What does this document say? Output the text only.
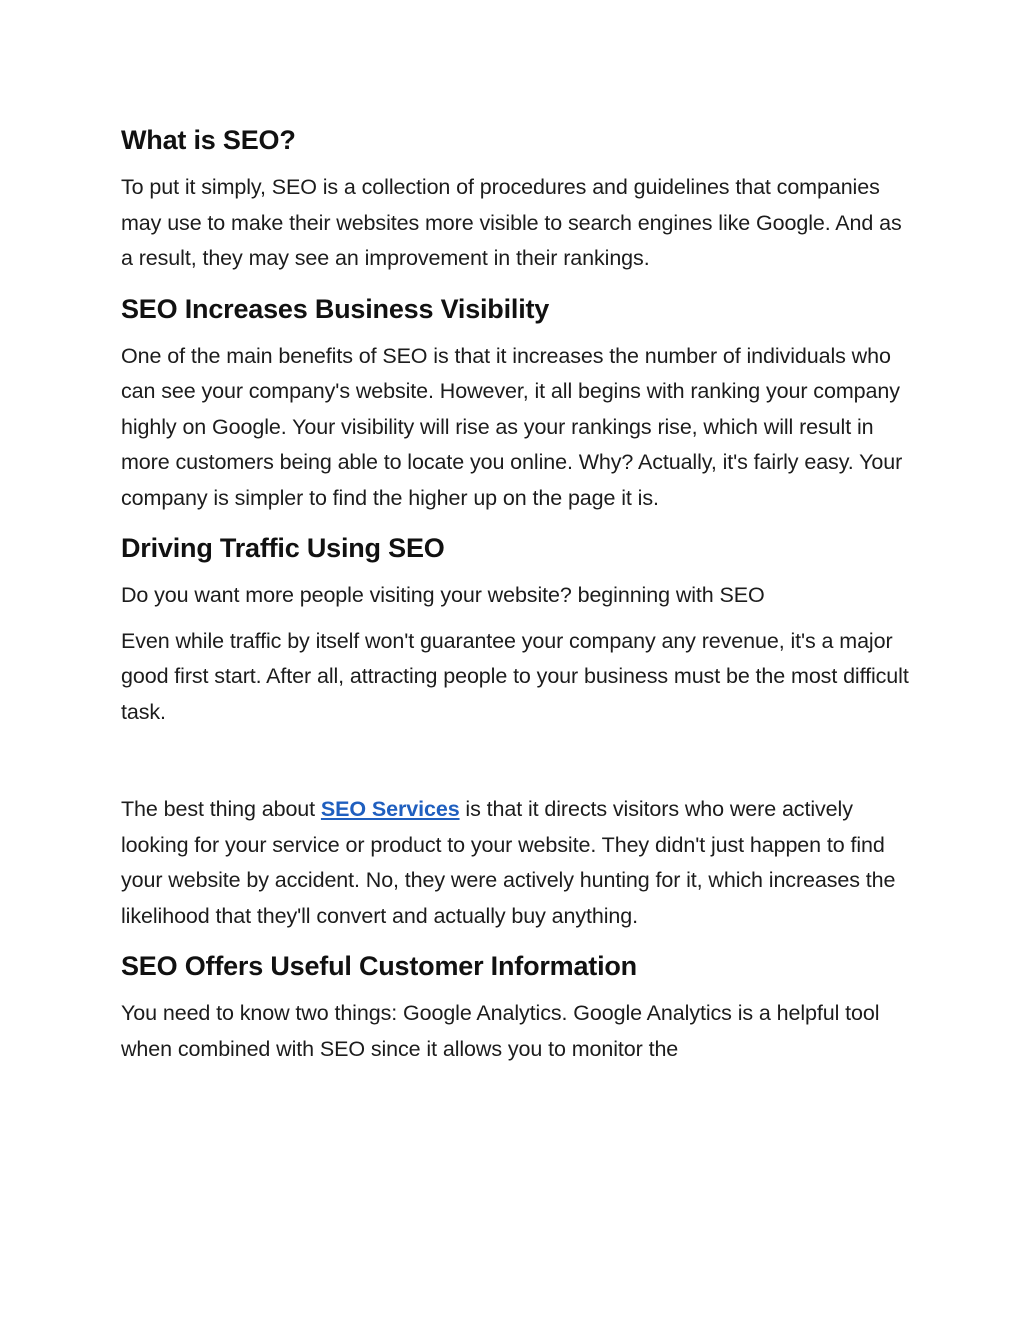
What is SEO?

To put it simply, SEO is a collection of procedures and guidelines that companies may use to make their websites more visible to search engines like Google. And as a result, they may see an improvement in their rankings.

SEO Increases Business Visibility

One of the main benefits of SEO is that it increases the number of individuals who can see your company's website. However, it all begins with ranking your company highly on Google. Your visibility will rise as your rankings rise, which will result in more customers being able to locate you online. Why? Actually, it's fairly easy. Your company is simpler to find the higher up on the page it is.

Driving Traffic Using SEO

Do you want more people visiting your website? beginning with SEO

Even while traffic by itself won't guarantee your company any revenue, it's a major good first start. After all, attracting people to your business must be the most difficult task.

The best thing about SEO Services is that it directs visitors who were actively looking for your service or product to your website. They didn't just happen to find your website by accident. No, they were actively hunting for it, which increases the likelihood that they'll convert and actually buy anything.

SEO Offers Useful Customer Information

You need to know two things: Google Analytics. Google Analytics is a helpful tool when combined with SEO since it allows you to monitor the
